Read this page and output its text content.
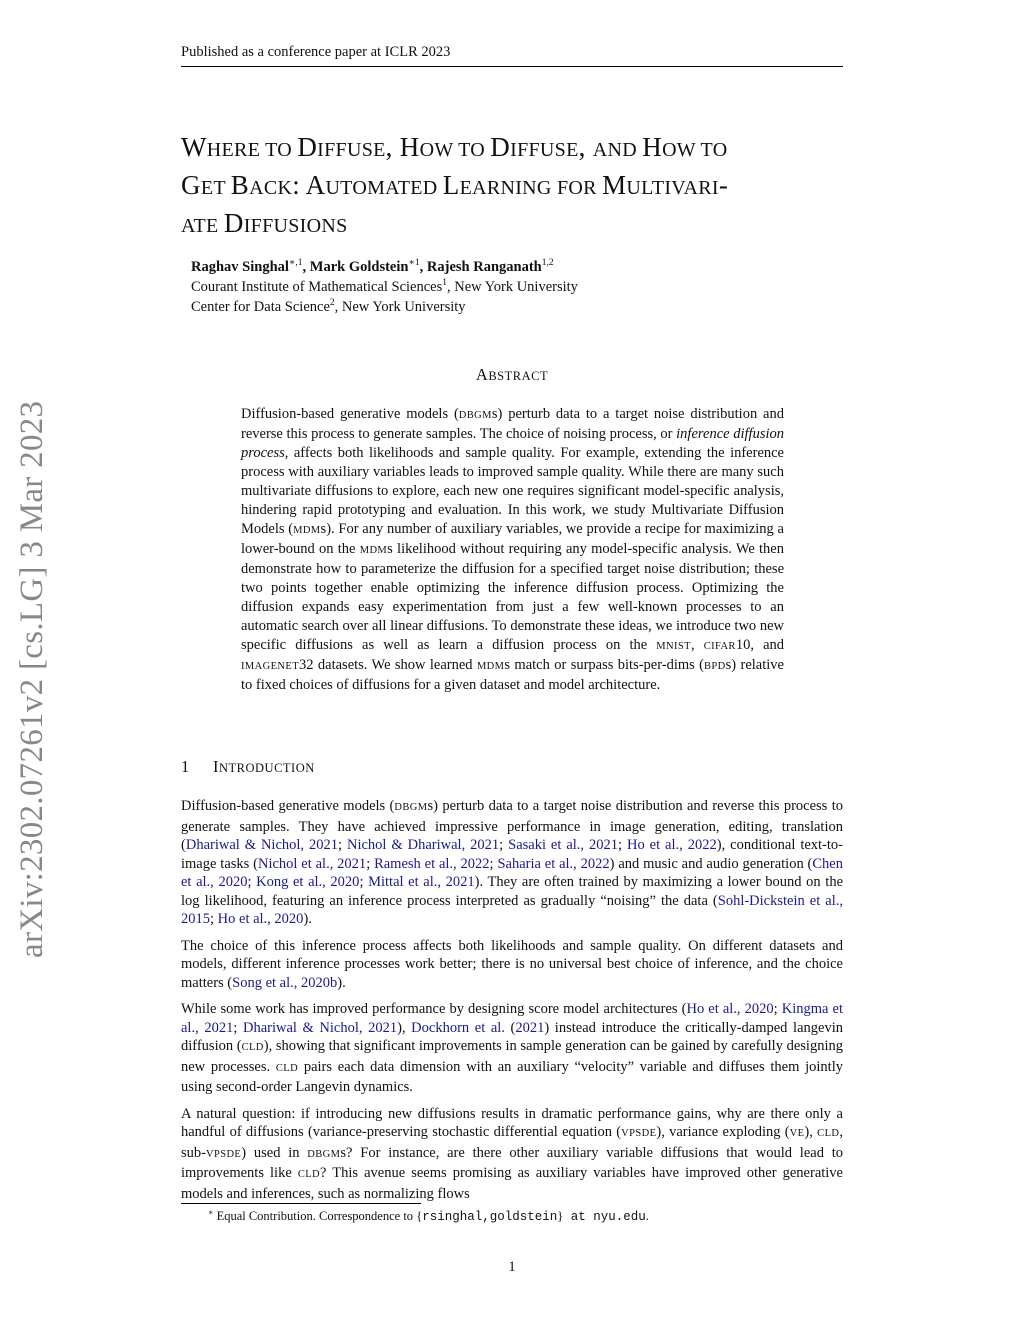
Published as a conference paper at ICLR 2023
arXiv:2302.07261v2 [cs.LG] 3 Mar 2023
WHERE TO DIFFUSE, HOW TO DIFFUSE, AND HOW TO
GET BACK: AUTOMATED LEARNING FOR MULTIVARI-
ATE DIFFUSIONS
Raghav Singhal$^{∗,1}$, Mark Goldstein$^{∗1}$, Rajesh Ranganath$^{1,2}$
Courant Institute of Mathematical Sciences$^1$, New York University
Center for Data Science$^2$, New York University
ABSTRACT

Diffusion-based generative models (DBGMs) perturb data to a target noise distribution and reverse this process to generate samples. The choice of noising process, or inference diffusion process, affects both likelihoods and sample quality. For example, extending the inference process with auxiliary variables leads to improved sample quality. While there are many such multivariate diffusions to explore, each new one requires significant model-specific analysis, hindering rapid prototyping and evaluation. In this work, we study Multivariate Diffusion Models (MDMs). For any number of auxiliary variables, we provide a recipe for maximizing a lower-bound on the MDMs likelihood without requiring any model-specific analysis. We then demonstrate how to parameterize the diffusion for a specified target noise distribution; these two points together enable optimizing the inference diffusion process. Optimizing the diffusion expands easy experimentation from just a few well-known processes to an automatic search over all linear diffusions. To demonstrate these ideas, we introduce two new specific diffusions as well as learn a diffusion process on the MNIST, CIFAR10, and IMAGENET32 datasets. We show learned MDMs match or surpass bits-per-dims (BPDs) relative to fixed choices of diffusions for a given dataset and model architecture.

1 INTRODUCTION

Diffusion-based generative models (DBGMs) perturb data to a target noise distribution and reverse this process to generate samples. They have achieved impressive performance in image generation, editing, translation (Dhariwal & Nichol, 2021; Nichol & Dhariwal, 2021; Sasaki et al., 2021; Ho et al., 2022), conditional text-to-image tasks (Nichol et al., 2021; Ramesh et al., 2022; Saharia et al., 2022) and music and audio generation (Chen et al., 2020; Kong et al., 2020; Mittal et al., 2021). They are often trained by maximizing a lower bound on the log likelihood, featuring an inference process interpreted as gradually “noising” the data (Sohl-Dickstein et al., 2015; Ho et al., 2020).

The choice of this inference process affects both likelihoods and sample quality. On different datasets and models, different inference processes work better; there is no universal best choice of inference, and the choice matters (Song et al., 2020b).

While some work has improved performance by designing score model architectures (Ho et al., 2020; Kingma et al., 2021; Dhariwal & Nichol, 2021), Dockhorn et al. (2021) instead introduce the critically-damped langevin diffusion (CLD), showing that significant improvements in sample generation can be gained by carefully designing new processes. CLD pairs each data dimension with an auxiliary “velocity” variable and diffuses them jointly using second-order Langevin dynamics.

A natural question: if introducing new diffusions results in dramatic performance gains, why are there only a handful of diffusions (variance-preserving stochastic differential equation (VPSDE), variance exploding (VE), CLD, sub-VPSDE) used in DBGMs? For instance, are there other auxiliary variable diffusions that would lead to improvements like CLD? This avenue seems promising as auxiliary variables have improved other generative models and inferences, such as normalizing flows

∗ Equal Contribution. Correspondence to {rsinghal,goldstein} at nyu.edu.
1
